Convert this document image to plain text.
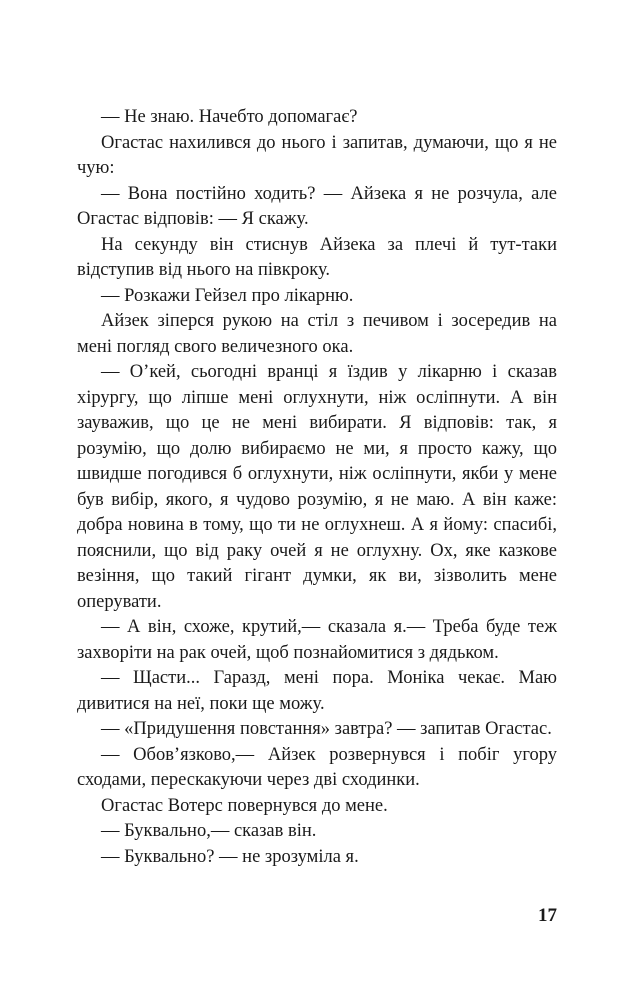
— Не знаю. Начебто допомагає?

Огастас нахилився до нього і запитав, думаючи, що я не чую:

— Вона постійно ходить? — Айзека я не розчула, але Огастас відповів: — Я скажу.

На секунду він стиснув Айзека за плечі й тут-таки відступив від нього на півкроку.

— Розкажи Гейзел про лікарню.

Айзек зіперся рукою на стіл з печивом і зосередив на мені погляд свого величезного ока.

— О’кей, сьогодні вранці я їздив у лікарню і сказав хірургу, що ліпше мені оглухнути, ніж осліпнути. А він зауважив, що це не мені вибирати. Я відповів: так, я розумію, що долю вибираємо не ми, я просто кажу, що швидше погодився б оглухнути, ніж осліпнути, якби у мене був вибір, якого, я чудово розумію, я не маю. А він каже: добра новина в тому, що ти не оглухнеш. А я йому: спасибі, пояснили, що від раку очей я не оглухну. Ох, яке казкове везіння, що такий гігант думки, як ви, зізволить мене оперувати.

— А він, схоже, крутий,— сказала я.— Треба буде теж захворіти на рак очей, щоб познайомитися з дядьком.

— Щасти... Гаразд, мені пора. Моніка чекає. Маю дивитися на неї, поки ще можу.

— «Придушення повстання» завтра? — запитав Огастас.

— Обов’язково,— Айзек розвернувся і побіг угору сходами, перескакуючи через дві сходинки.

Огастас Вотерс повернувся до мене.

— Буквально,— сказав він.

— Буквально? — не зрозуміла я.

17
